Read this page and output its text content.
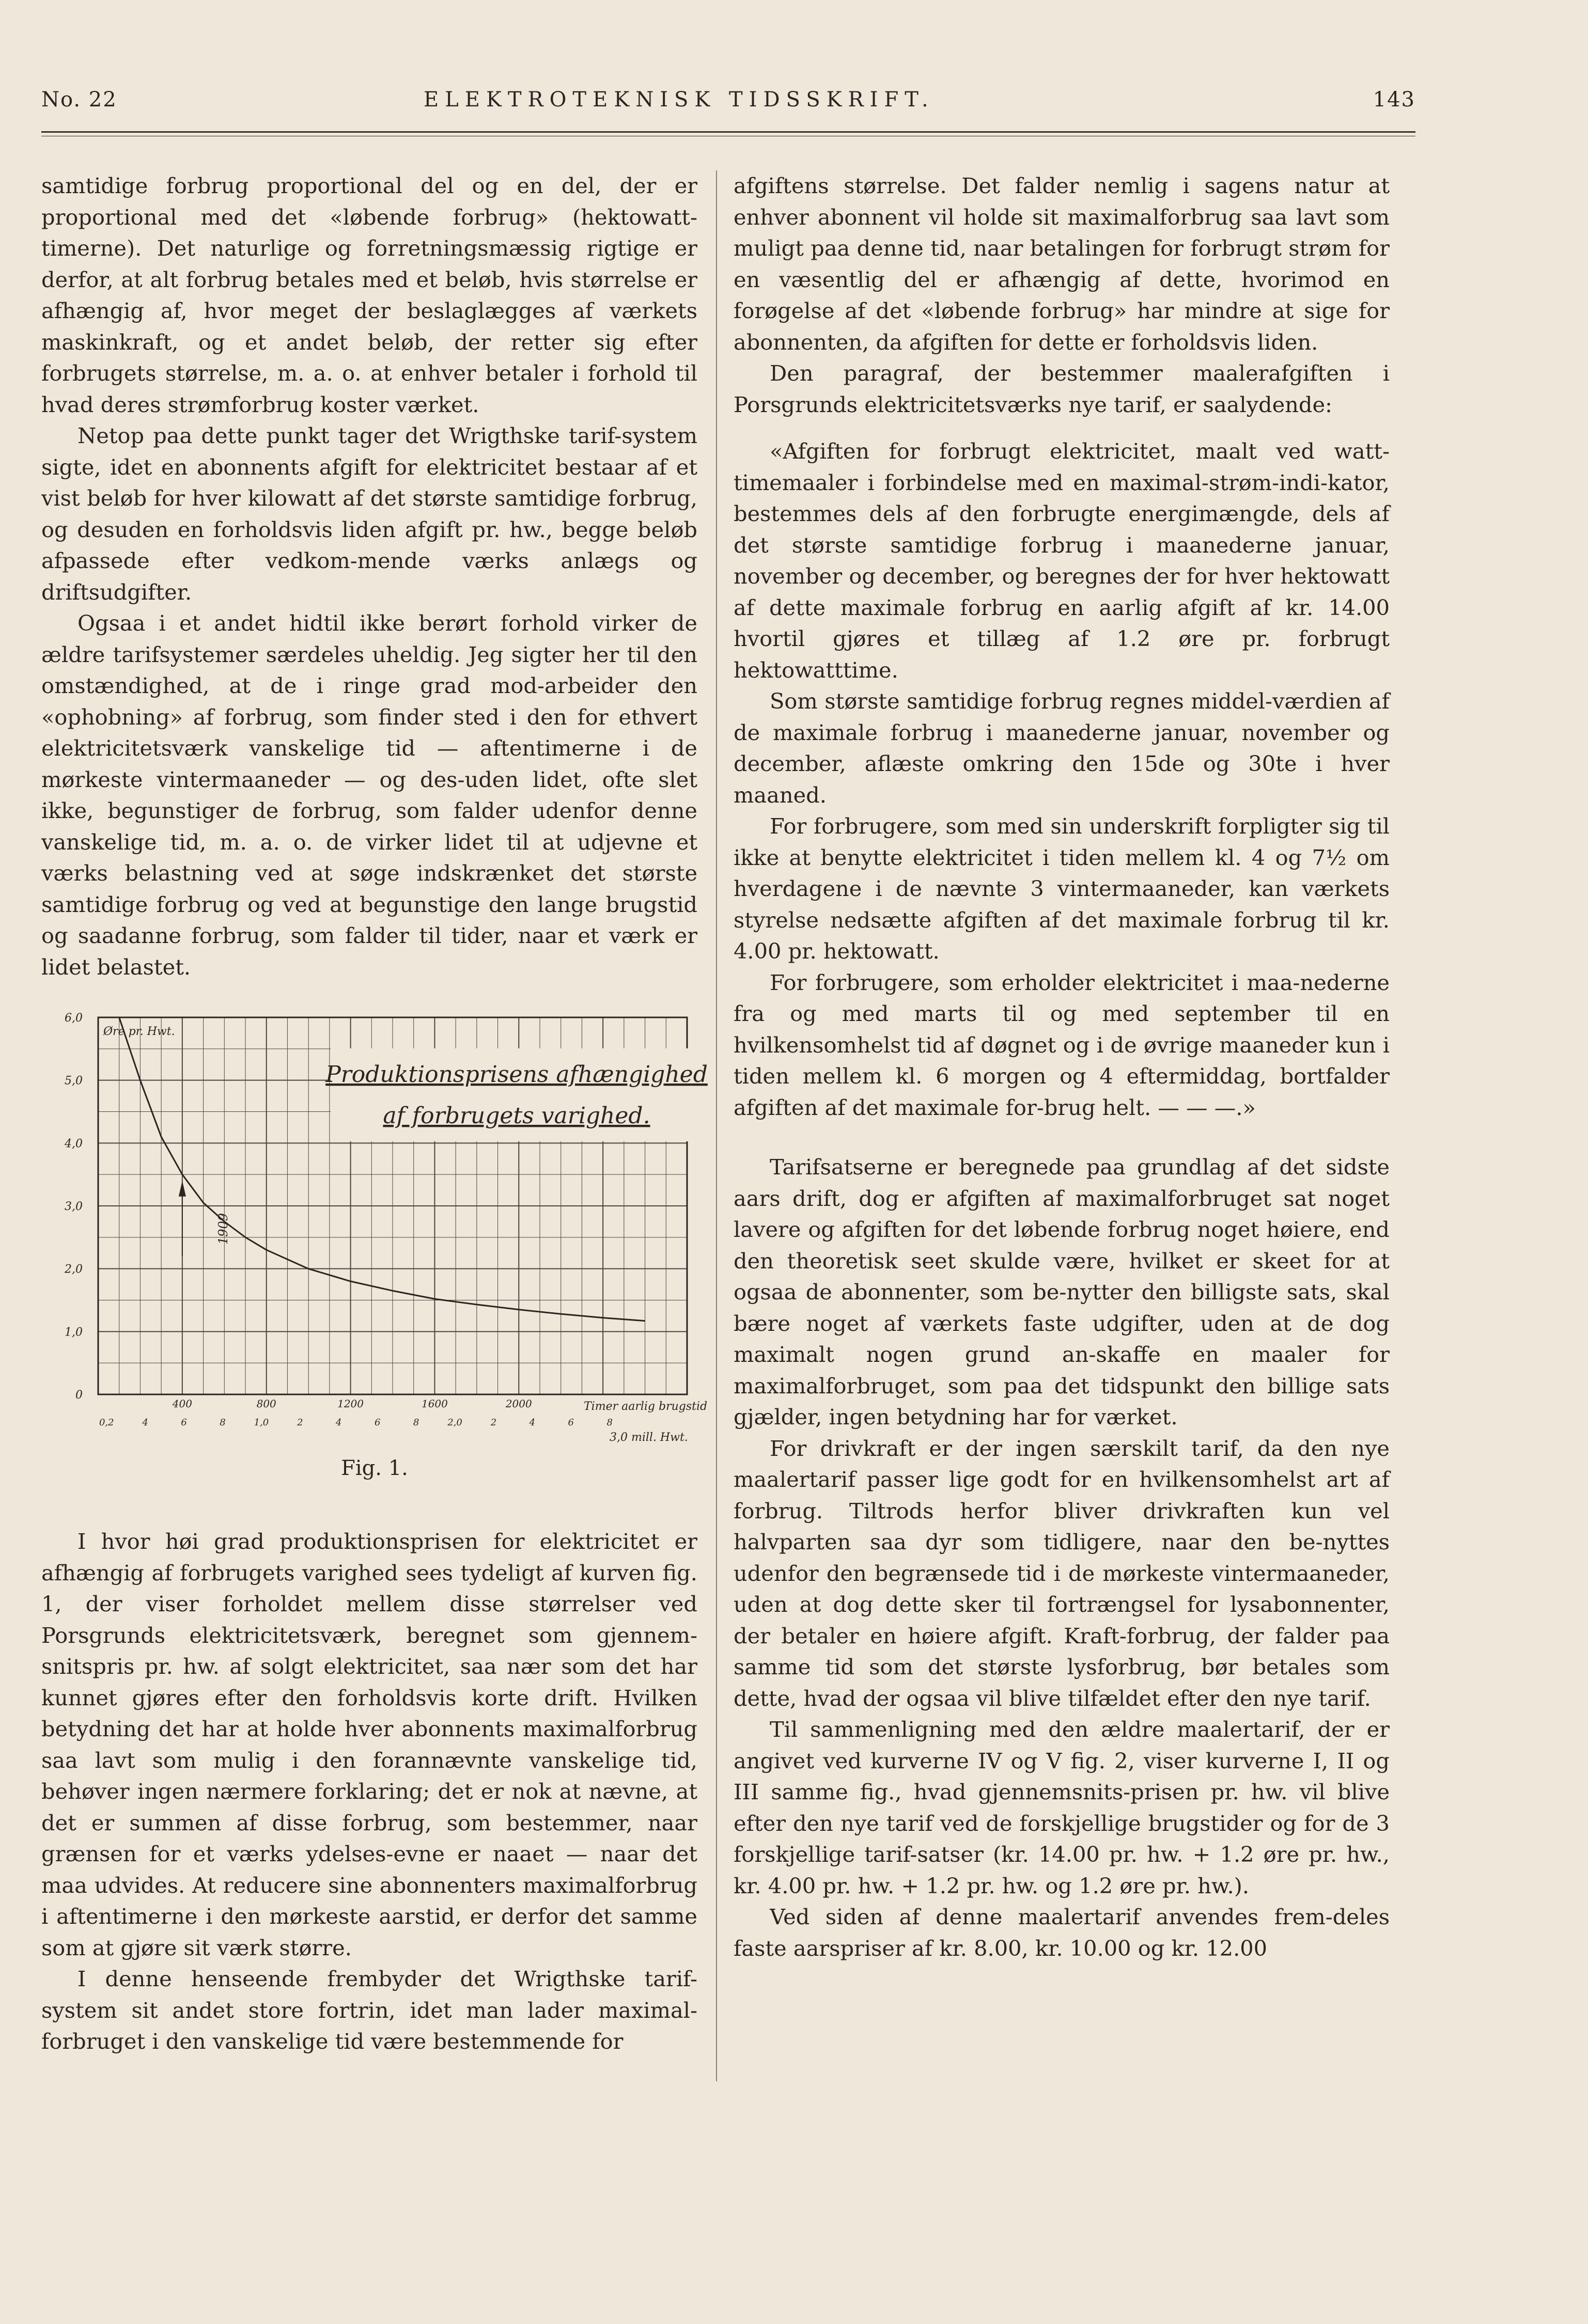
No. 22	ELEKTROTEKNISK TIDSSKRIFT.	143

samtidige forbrug proportional del og en del, der er proportional med det «løbende forbrug» (hektowatt-timerne). Det naturlige og forretningsmæssig rigtige er derfor, at alt forbrug betales med et beløb, hvis størrelse er afhængig af, hvor meget der beslaglægges af værkets maskinkraft, og et andet beløb, der retter sig efter forbrugets størrelse, m. a. o. at enhver betaler i forhold til hvad deres strømforbrug koster værket.

Netop paa dette punkt tager det Wrigthske tarif-system sigte, idet en abonnents afgift for elektricitet bestaar af et vist beløb for hver kilowatt af det største samtidige forbrug, og desuden en forholdsvis liden afgift pr. hw., begge beløb afpassede efter vedkom-mende værks anlægs og driftsudgifter.

Ogsaa i et andet hidtil ikke berørt forhold virker de ældre tarifsystemer særdeles uheldig. Jeg sigter her til den omstændighed, at de i ringe grad mod-arbeider den «ophobning» af forbrug, som finder sted i den for ethvert elektricitetsværk vanskelige tid — aftentimerne i de mørkeste vintermaaneder — og des-uden lidet, ofte slet ikke, begunstiger de forbrug, som falder udenfor denne vanskelige tid, m. a. o. de virker lidet til at udjevne et værks belastning ved at søge indskrænket det største samtidige forbrug og ved at begunstige den lange brugstid og saadanne forbrug, som falder til tider, naar et værk er lidet belastet.

6,0
5,0
4,0
3,0
2,0
1,0
0
400	800	1200	1600	2000
0,2	4	6	8	1,0	2	4	6	8	2,0	2	4	6	8
Produktionsprisens afhængighed
af forbrugets varighed.
Øre pr. Hwt.
1909
Timer aarlig brugstid.
3,0 mill. Hwt.
Fig. 1.

I hvor høi grad produktionsprisen for elektricitet er afhængig af forbrugets varighed sees tydeligt af kurven fig. 1, der viser forholdet mellem disse størrelser ved Porsgrunds elektricitetsværk, beregnet som gjennem-snitspris pr. hw. af solgt elektricitet, saa nær som det har kunnet gjøres efter den forholdsvis korte drift. Hvilken betydning det har at holde hver abonnents maximalforbrug saa lavt som mulig i den forannævnte vanskelige tid, behøver ingen nærmere forklaring; det er nok at nævne, at det er summen af disse forbrug, som bestemmer, naar grænsen for et værks ydelses-evne er naaet — naar det maa udvides. At reducere sine abonnenters maximalforbrug i aftentimerne i den mørkeste aarstid, er derfor det samme som at gjøre sit værk større.

I denne henseende frembyder det Wrigthske tarif-system sit andet store fortrin, idet man lader maximal-forbruget i den vanskelige tid være bestemmende for

afgiftens størrelse. Det falder nemlig i sagens natur at enhver abonnent vil holde sit maximalforbrug saa lavt som muligt paa denne tid, naar betalingen for forbrugt strøm for en væsentlig del er afhængig af dette, hvorimod en forøgelse af det «løbende forbrug» har mindre at sige for abonnenten, da afgiften for dette er forholdsvis liden.

Den paragraf, der bestemmer maalerafgiften i Porsgrunds elektricitetsværks nye tarif, er saalydende:

«Afgiften for forbrugt elektricitet, maalt ved watt-timemaaler i forbindelse med en maximal-strøm-indi-kator, bestemmes dels af den forbrugte energimængde, dels af det største samtidige forbrug i maanederne januar, november og december, og beregnes der for hver hektowatt af dette maximale forbrug en aarlig afgift af kr. 14.00 hvortil gjøres et tillæg af 1.2 øre pr. forbrugt hektowatttime.

Som største samtidige forbrug regnes middel-værdien af de maximale forbrug i maanederne januar, november og december, aflæste omkring den 15de og 30te i hver maaned.

For forbrugere, som med sin underskrift forpligter sig til ikke at benytte elektricitet i tiden mellem kl. 4 og 7½ om hverdagene i de nævnte 3 vintermaaneder, kan værkets styrelse nedsætte afgiften af det maximale forbrug til kr. 4.00 pr. hektowatt.

For forbrugere, som erholder elektricitet i maa-nederne fra og med marts til og med september til en hvilkensomhelst tid af døgnet og i de øvrige maaneder kun i tiden mellem kl. 6 morgen og 4 eftermiddag, bortfalder afgiften af det maximale for-brug helt. — — —.»

Tarifsatserne er beregnede paa grundlag af det sidste aars drift, dog er afgiften af maximalforbruget sat noget lavere og afgiften for det løbende forbrug noget høiere, end den theoretisk seet skulde være, hvilket er skeet for at ogsaa de abonnenter, som be-nytter den billigste sats, skal bære noget af værkets faste udgifter, uden at de dog maximalt nogen grund an-skaffe en maaler for maximalforbruget, som paa det tidspunkt den billige sats gjælder, ingen betydning har for værket.

For drivkraft er der ingen særskilt tarif, da den nye maalertarif passer lige godt for en hvilkensomhelst art af forbrug. Tiltrods herfor bliver drivkraften kun vel halvparten saa dyr som tidligere, naar den be-nyttes udenfor den begrænsede tid i de mørkeste vintermaaneder, uden at dog dette sker til fortrængsel for lysabonnenter, der betaler en høiere afgift. Kraft-forbrug, der falder paa samme tid som det største lysforbrug, bør betales som dette, hvad der ogsaa vil blive tilfældet efter den nye tarif.

Til sammenligning med den ældre maalertarif, der er angivet ved kurverne IV og V fig. 2, viser kurverne I, II og III samme fig., hvad gjennemsnits-prisen pr. hw. vil blive efter den nye tarif ved de forskjellige brugstider og for de 3 forskjellige tarif-satser (kr. 14.00 pr. hw. + 1.2 øre pr. hw., kr. 4.00 pr. hw. + 1.2 pr. hw. og 1.2 øre pr. hw.).

Ved siden af denne maalertarif anvendes frem-deles faste aarspriser af kr. 8.00, kr. 10.00 og kr. 12.00
